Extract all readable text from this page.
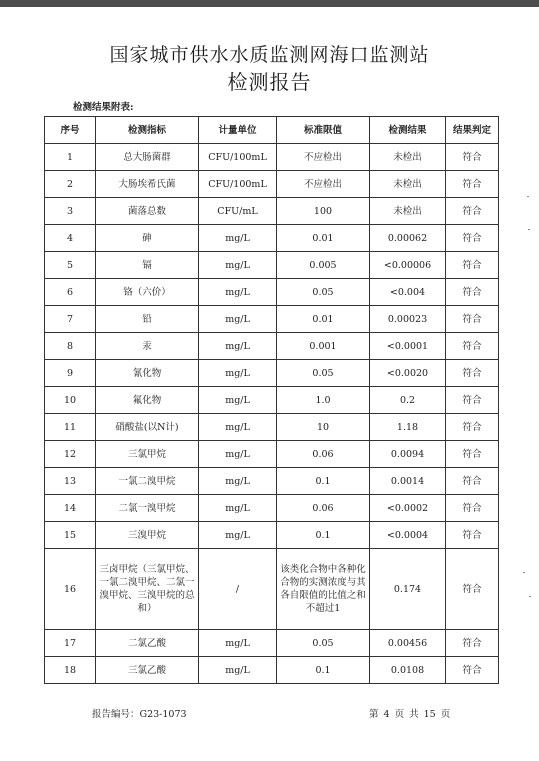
国家城市供水水质监测网海口监测站
检测报告
检测结果附表:
序号	检测指标	计量单位	标准限值	检测结果	结果判定
1	总大肠菌群	CFU/100mL	不应检出	未检出	符合
2	大肠埃希氏菌	CFU/100mL	不应检出	未检出	符合
3	菌落总数	CFU/mL	100	未检出	符合
4	砷	mg/L	0.01	0.00062	符合
5	镉	mg/L	0.005	<0.00006	符合
6	铬（六价）	mg/L	0.05	<0.004	符合
7	铅	mg/L	0.01	0.00023	符合
8	汞	mg/L	0.001	<0.0001	符合
9	氰化物	mg/L	0.05	<0.0020	符合
10	氟化物	mg/L	1.0	0.2	符合
11	硝酸盐(以N计)	mg/L	10	1.18	符合
12	三氯甲烷	mg/L	0.06	0.0094	符合
13	一氯二溴甲烷	mg/L	0.1	0.0014	符合
14	二氯一溴甲烷	mg/L	0.06	<0.0002	符合
15	三溴甲烷	mg/L	0.1	<0.0004	符合
16	三卤甲烷（三氯甲烷、一氯二溴甲烷、二氯一溴甲烷、三溴甲烷的总和）	/	该类化合物中各种化合物的实测浓度与其各自限值的比值之和不超过1	0.174	符合
17	二氯乙酸	mg/L	0.05	0.00456	符合
18	三氯乙酸	mg/L	0.1	0.0108	符合
报告编号：G23-1073	第 4 页 共 15 页
